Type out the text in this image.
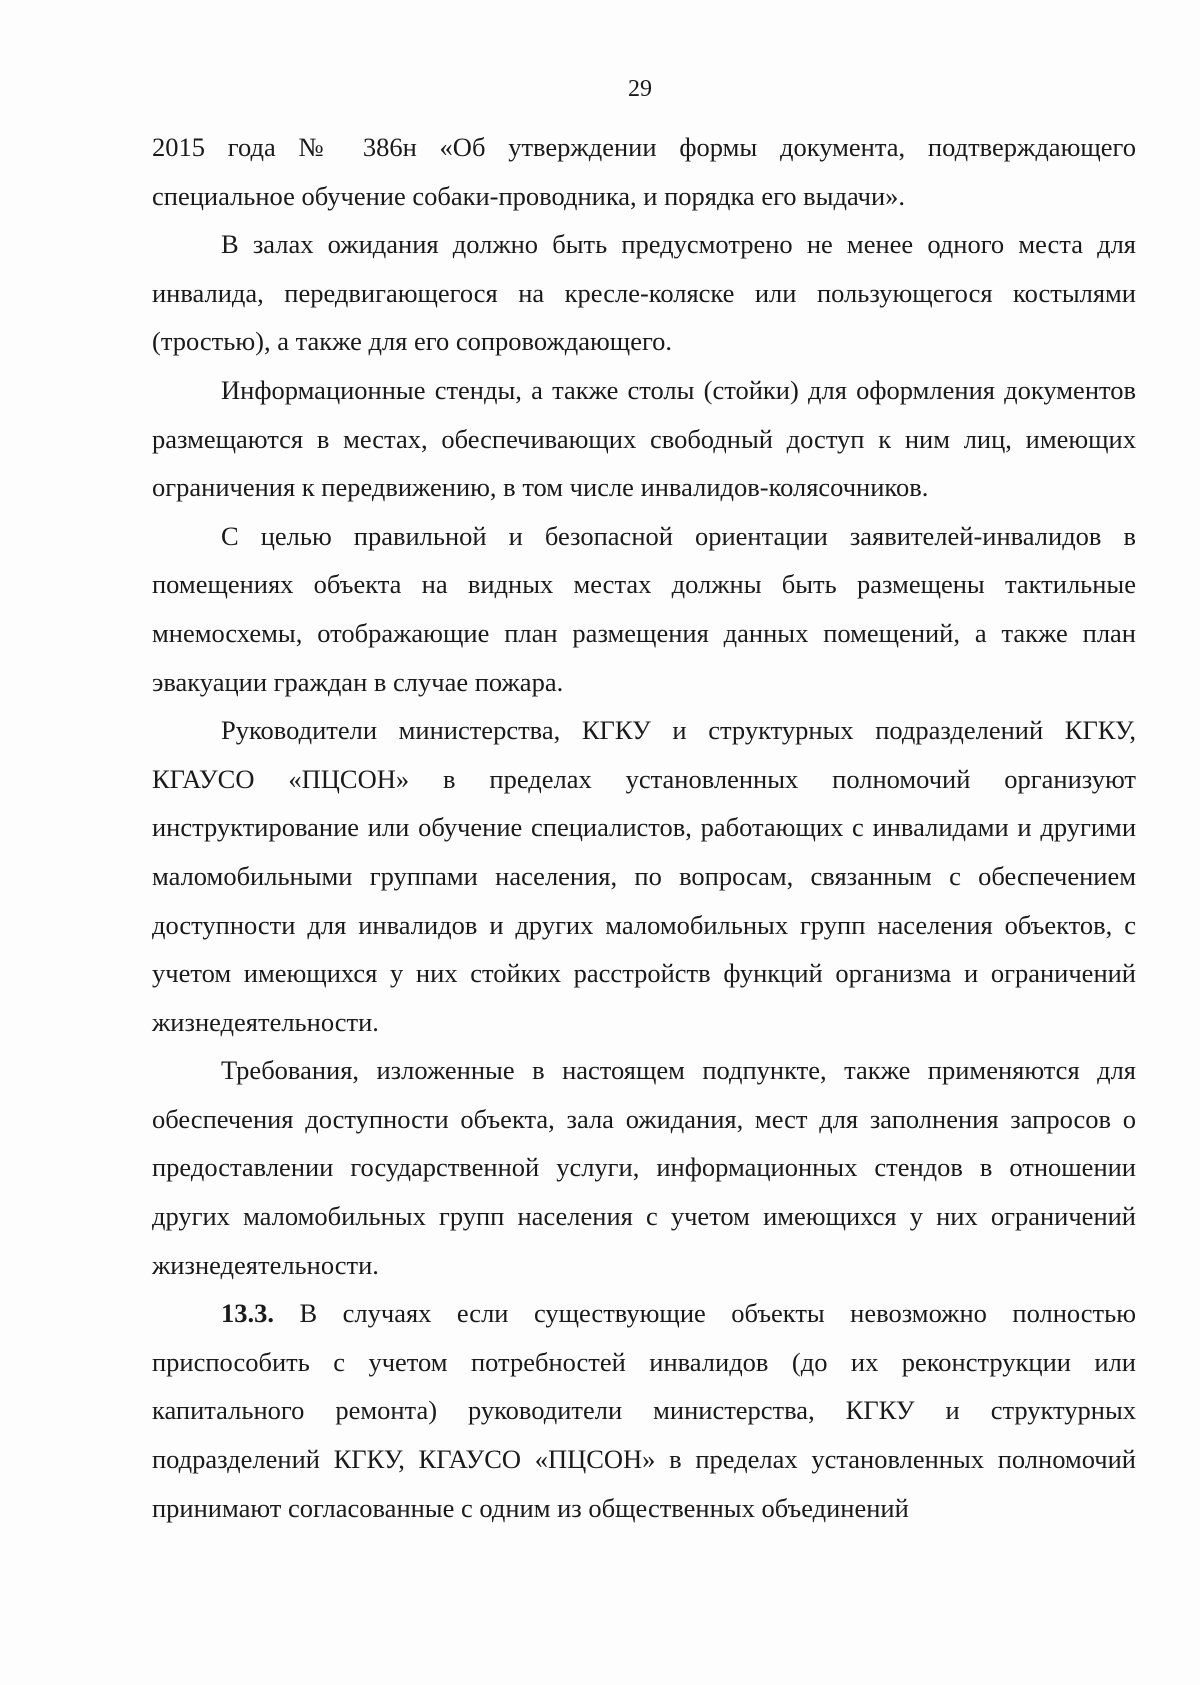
29

2015 года № 386н «Об утверждении формы документа, подтверждающего специальное обучение собаки-проводника, и порядка его выдачи».

В залах ожидания должно быть предусмотрено не менее одного места для инвалида, передвигающегося на кресле-коляске или пользующегося костылями (тростью), а также для его сопровождающего.

Информационные стенды, а также столы (стойки) для оформления документов размещаются в местах, обеспечивающих свободный доступ к ним лиц, имеющих ограничения к передвижению, в том числе инвалидов-колясочников.

С целью правильной и безопасной ориентации заявителей-инвалидов в помещениях объекта на видных местах должны быть размещены тактильные мнемосхемы, отображающие план размещения данных помещений, а также план эвакуации граждан в случае пожара.

Руководители министерства, КГКУ и структурных подразделений КГКУ, КГАУСО «ПЦСОН» в пределах установленных полномочий организуют инструктирование или обучение специалистов, работающих с инвалидами и другими маломобильными группами населения, по вопросам, связанным с обеспечением доступности для инвалидов и других маломобильных групп населения объектов, с учетом имеющихся у них стойких расстройств функций организма и ограничений жизнедеятельности.

Требования, изложенные в настоящем подпункте, также применяются для обеспечения доступности объекта, зала ожидания, мест для заполнения запросов о предоставлении государственной услуги, информационных стендов в отношении других маломобильных групп населения с учетом имеющихся у них ограничений жизнедеятельности.

13.3. В случаях если существующие объекты невозможно полностью приспособить с учетом потребностей инвалидов (до их реконструкции или капитального ремонта) руководители министерства, КГКУ и структурных подразделений КГКУ, КГАУСО «ПЦСОН» в пределах установленных полномочий принимают согласованные с одним из общественных объединений
